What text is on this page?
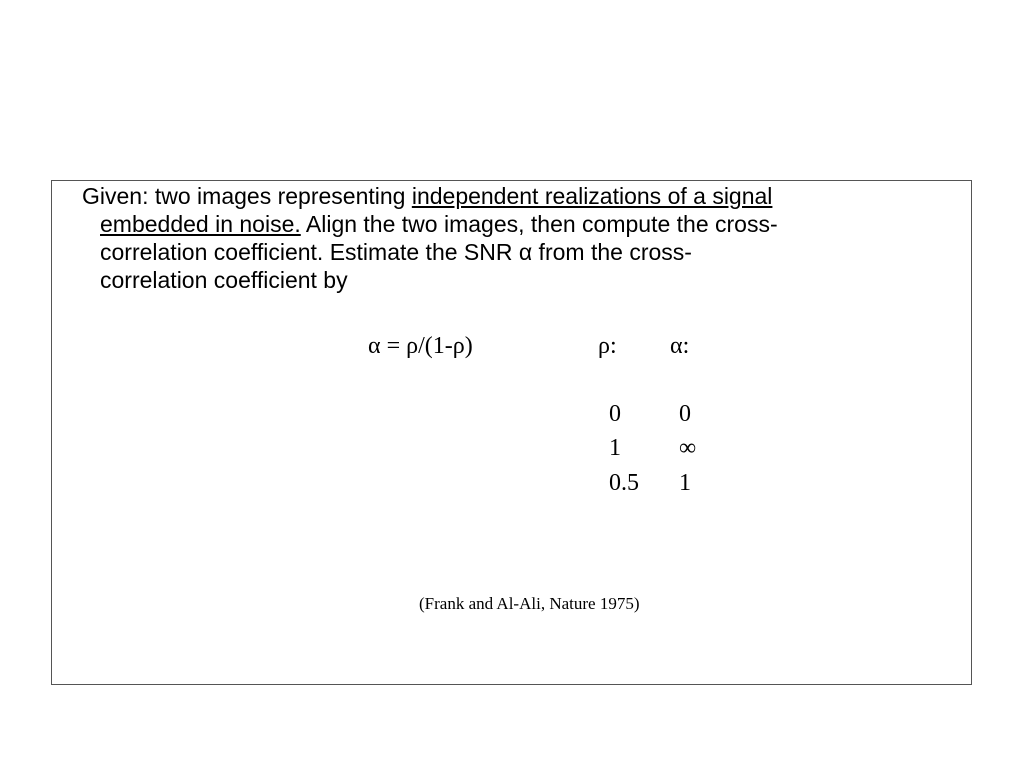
Given: two images representing independent realizations of a signal
embedded in noise. Align the two images, then compute the cross-
correlation coefficient. Estimate the SNR α from the cross-
correlation coefficient by
α = ρ/(1-ρ)	ρ: α:
0 0
1 ∞
0.5 1
(Frank and Al-Ali, Nature 1975)
